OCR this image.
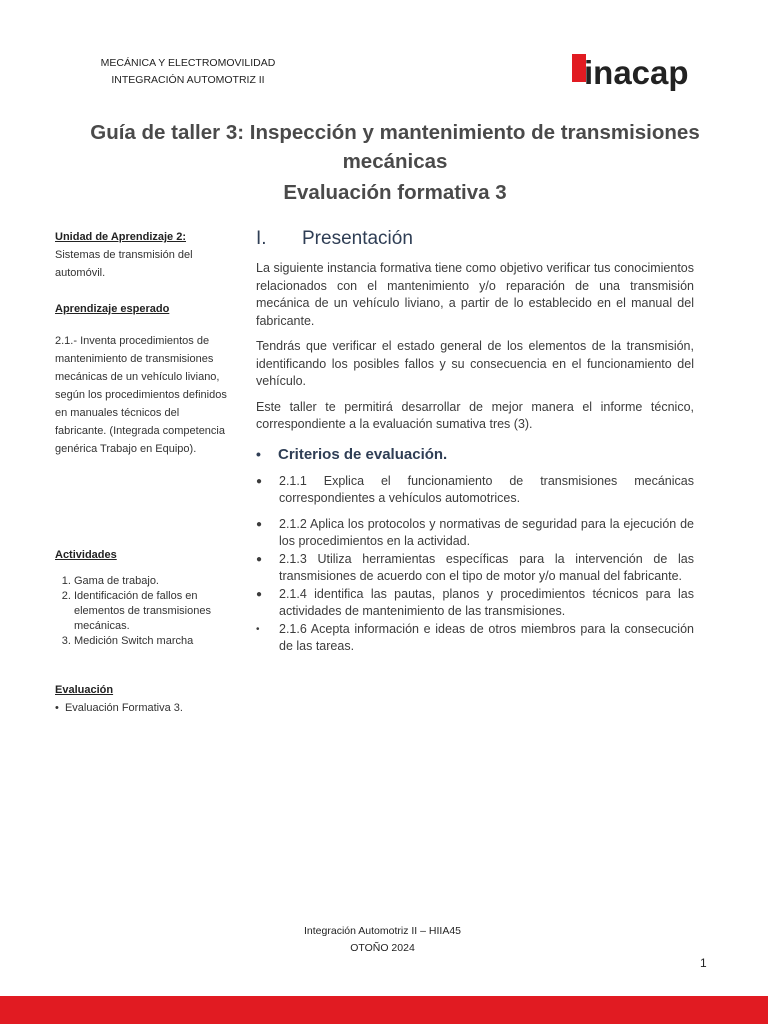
MECÁNICA Y ELECTROMOVILIDAD
INTEGRACIÓN AUTOMOTRIZ II	inacap
Guía de taller 3: Inspección y mantenimiento de transmisiones
mecánicas
Evaluación formativa 3

Unidad de Aprendizaje 2:

Sistemas de transmisión del automóvil.

Aprendizaje esperado

2.1.- Inventa procedimientos de mantenimiento de transmisiones mecánicas de un vehículo liviano, según los procedimientos definidos en manuales técnicos del fabricante. (Integrada competencia genérica Trabajo en Equipo).

Actividades

1. Gama de trabajo.
2. Identificación de fallos en elementos de transmisiones mecánicas.
3. Medición Switch marcha

Evaluación

•  Evaluación Formativa 3.
I.	Presentación

La siguiente instancia formativa tiene como objetivo verificar tus conocimientos relacionados con el mantenimiento y/o reparación de una transmisión mecánica de un vehículo liviano, a partir de lo establecido en el manual del fabricante.

Tendrás que verificar el estado general de los elementos de la transmisión, identificando los posibles fallos y su consecuencia en el funcionamiento del vehículo.

Este taller te permitirá desarrollar de mejor manera el informe técnico, correspondiente a la evaluación sumativa tres (3).

•	Criterios de evaluación.
● 2.1.1 Explica el funcionamiento de transmisiones mecánicas correspondientes a vehículos automotrices.
● 2.1.2 Aplica los protocolos y normativas de seguridad para la ejecución de los procedimientos en la actividad.
● 2.1.3 Utiliza herramientas específicas para la intervención de las transmisiones de acuerdo con el tipo de motor y/o manual del fabricante.
● 2.1.4 identifica las pautas, planos y procedimientos técnicos para las actividades de mantenimiento de las transmisiones.
• 2.1.6 Acepta información e ideas de otros miembros para la consecución de las tareas.
Integración Automotriz II – HIIA45
OTOÑO 2024
1
